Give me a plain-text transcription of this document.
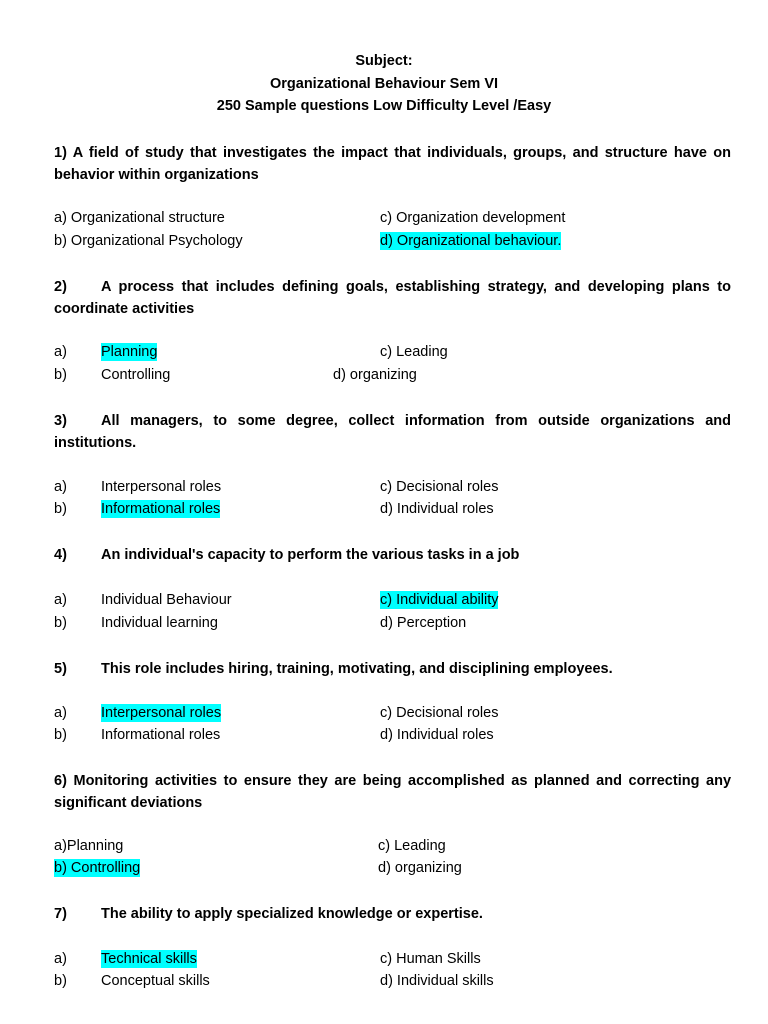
Subject:
Organizational Behaviour Sem VI
250 Sample questions Low Difficulty Level /Easy
1) A field of study that investigates the impact that individuals, groups, and structure have on behavior within organizations
a) Organizational structure	c) Organization development
b) Organizational Psychology	d) Organizational behaviour.
2) A process that includes defining goals, establishing strategy, and developing plans to coordinate activities
a) Planning	c) Leading
b) Controlling	d) organizing
3) All managers, to some degree, collect information from outside organizations and institutions.
a) Interpersonal roles	c) Decisional roles
b) Informational roles	d) Individual roles
4) An individual's capacity to perform the various tasks in a job
a) Individual Behaviour	c) Individual ability
b) Individual learning	d) Perception
5) This role includes hiring, training, motivating, and disciplining employees.
a) Interpersonal roles	c) Decisional roles
b) Informational roles	d) Individual roles
6) Monitoring activities to ensure they are being accomplished as planned and correcting any significant deviations
a)Planning	c) Leading
b) Controlling	d) organizing
7) The ability to apply specialized knowledge or expertise.
a) Technical skills	c) Human Skills
b) Conceptual skills	d) Individual skills
